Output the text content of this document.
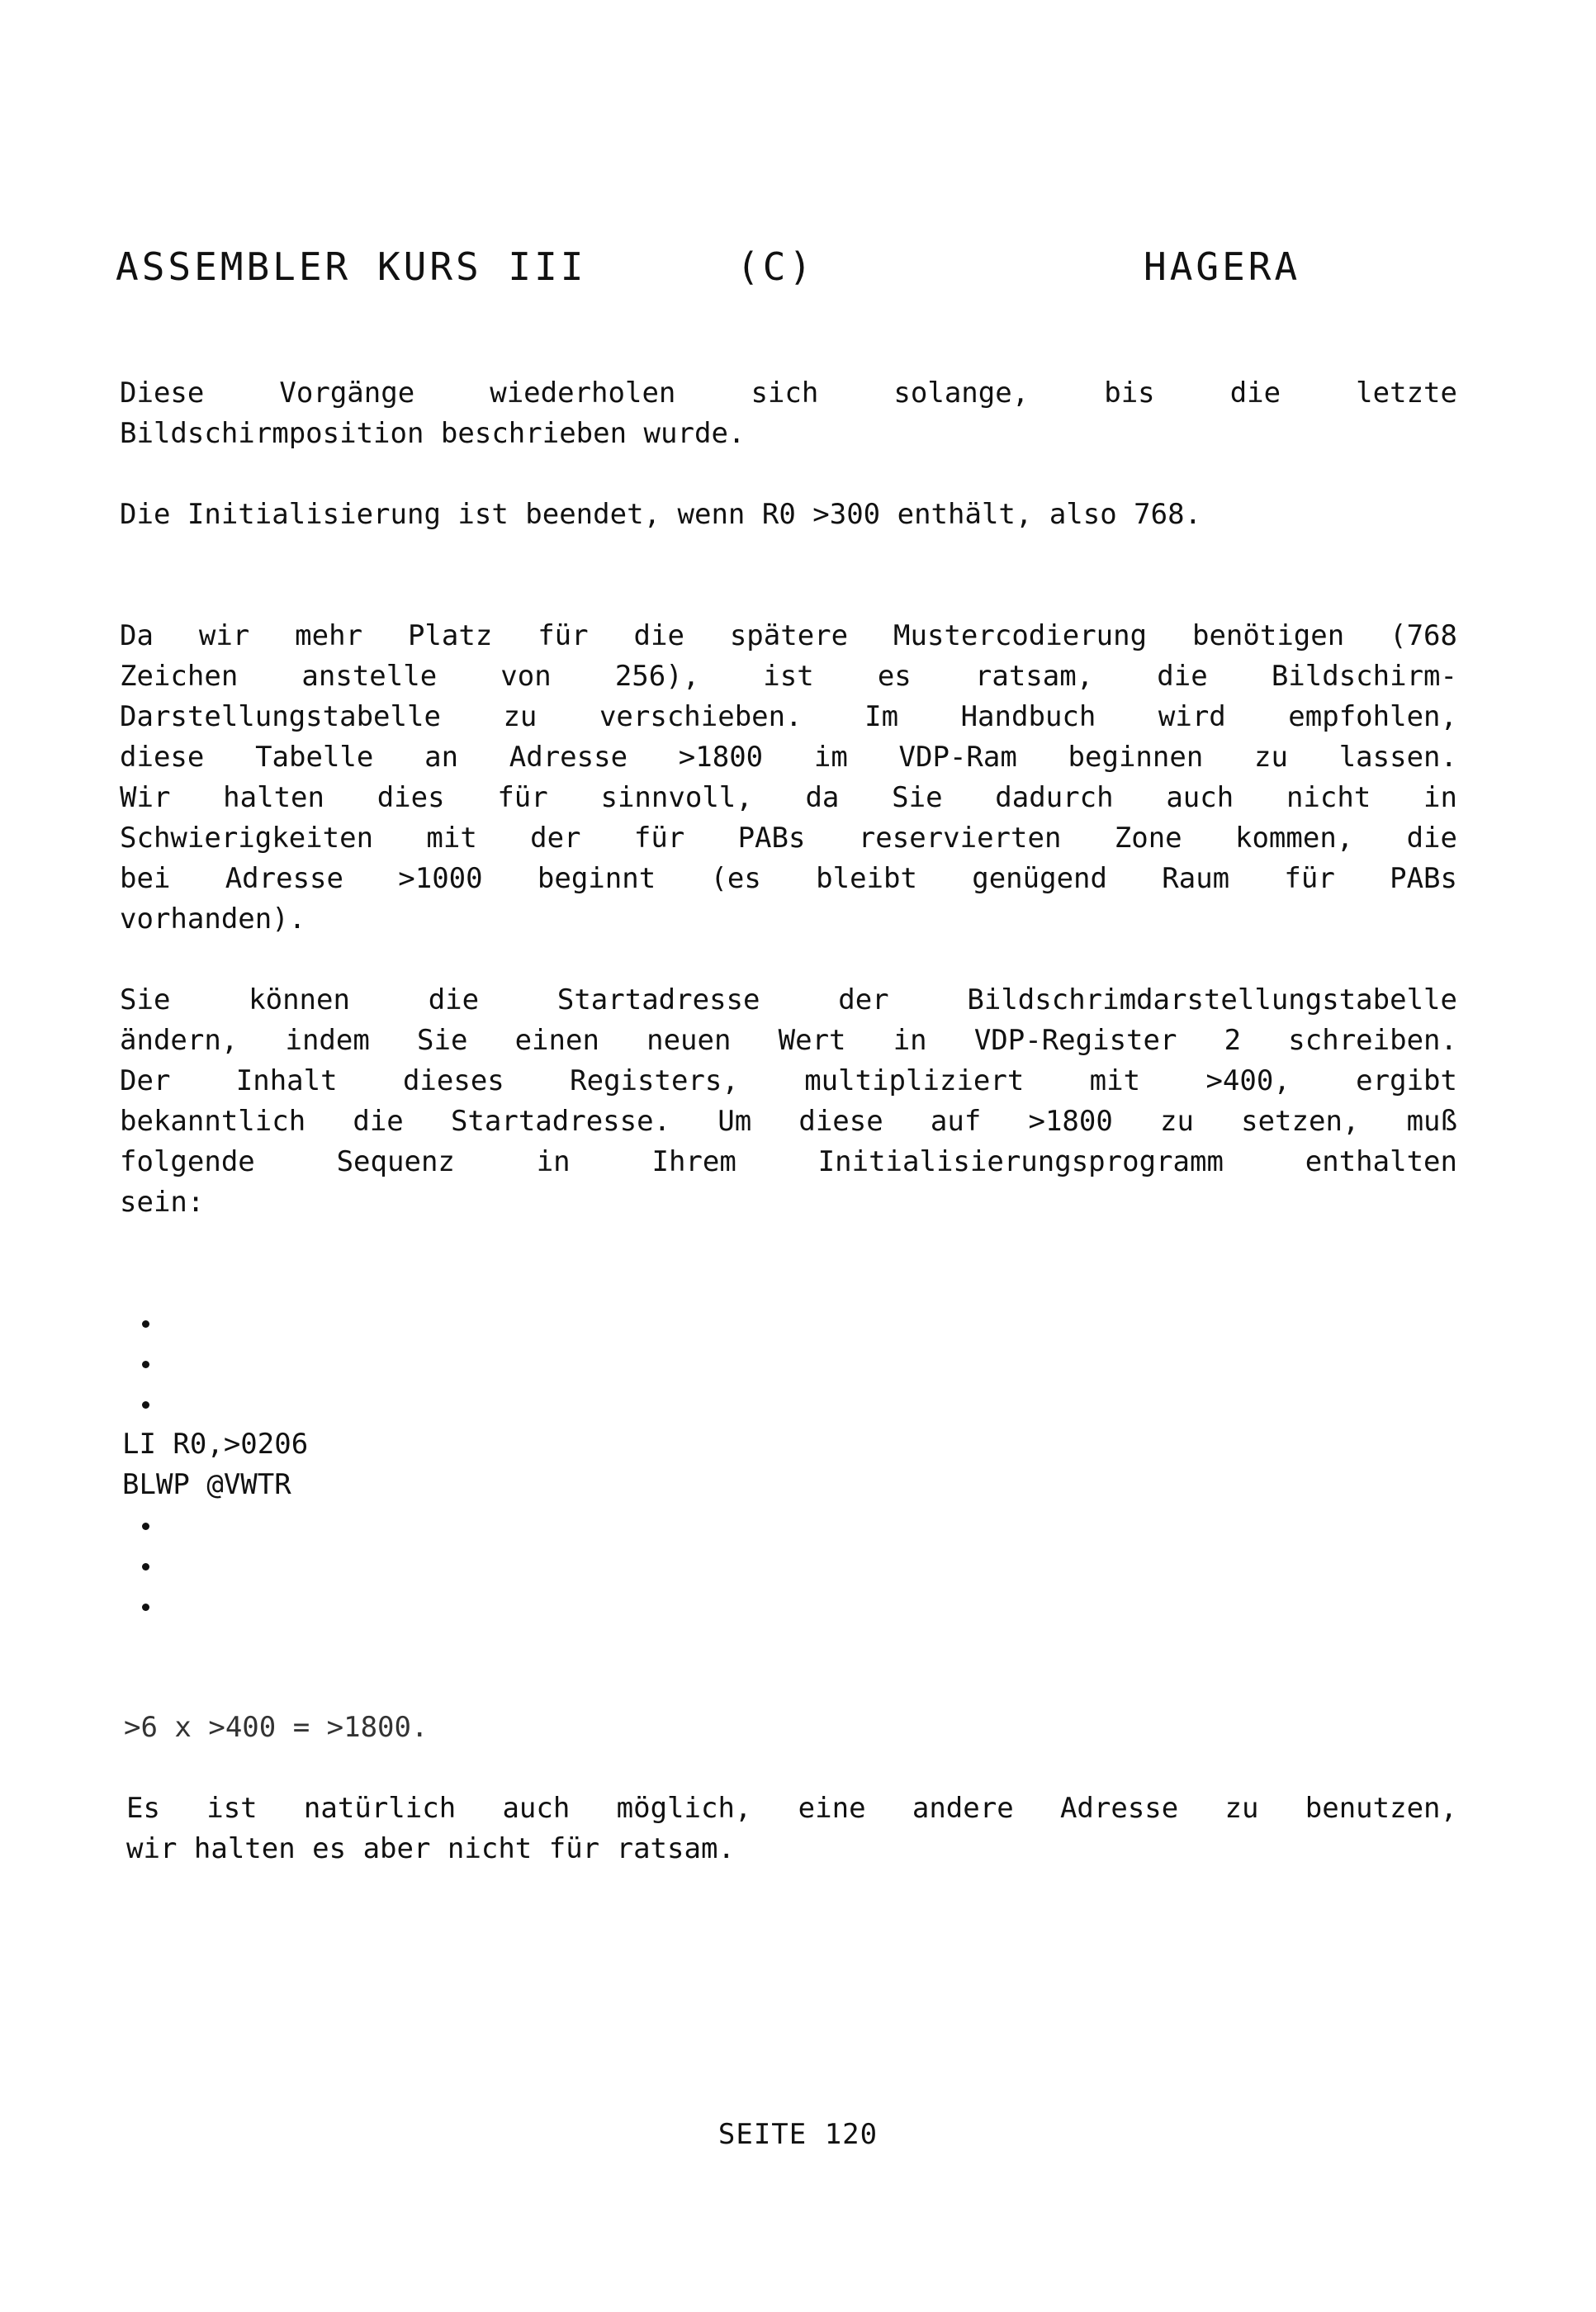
ASSEMBLER KURS III

	(C)

	HAGERA

Diese Vorgänge wiederholen sich solange, bis die letzte
Bildschirmposition beschrieben wurde.
Die Initialisierung ist beendet, wenn R0 >300 enthält, also 768.
Da wir mehr Platz für die spätere Mustercodierung benötigen (768
Zeichen anstelle von 256), ist es ratsam, die Bildschirm-
Darstellungstabelle zu verschieben. Im Handbuch wird empfohlen,
diese Tabelle an Adresse >1800 im VDP-Ram beginnen zu lassen.
Wir halten dies für sinnvoll, da Sie dadurch auch nicht in
Schwierigkeiten mit der für PABs reservierten Zone kommen, die
bei Adresse >1000 beginnt (es bleibt genügend Raum für PABs
vorhanden).
Sie können die Startadresse der Bildschrimdarstellungstabelle
ändern, indem Sie einen neuen Wert in VDP-Register 2 schreiben.
Der Inhalt dieses Registers, multipliziert mit >400, ergibt
bekanntlich die Startadresse. Um diese auf >1800 zu setzen, muß
folgende Sequenz in Ihrem Initialisierungsprogramm enthalten
sein:
LI R0,>0206
BLWP @VWTR
>6 x >400 = >1800.
Es ist natürlich auch möglich, eine andere Adresse zu benutzen,
wir halten es aber nicht für ratsam.
SEITE 120
